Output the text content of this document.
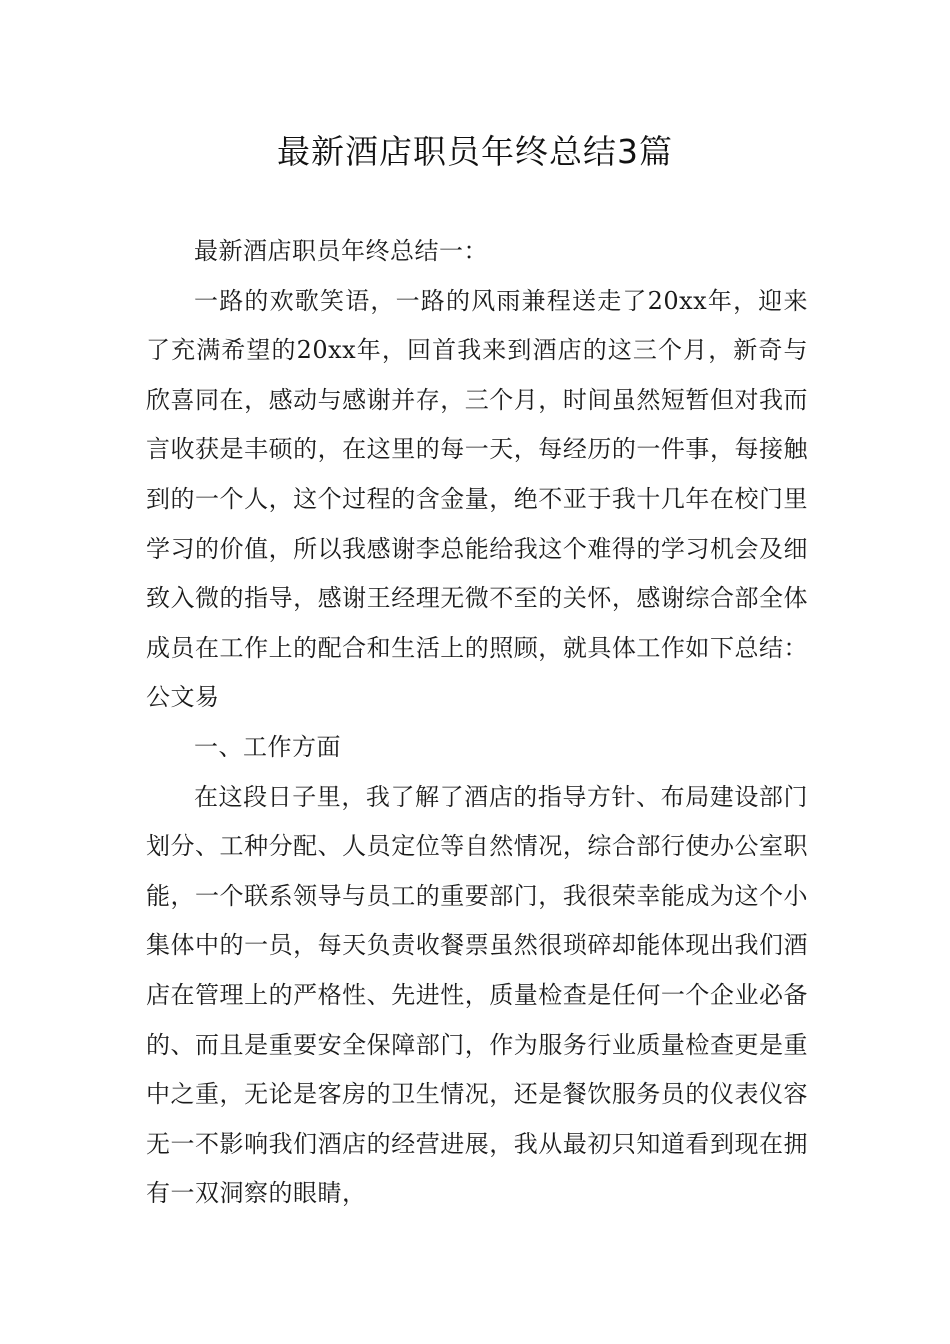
最新酒店职员年终总结3篇

最新酒店职员年终总结一：

一路的欢歌笑语，一路的风雨兼程送走了20xx年，迎来了充满希望的20xx年，回首我来到酒店的这三个月，新奇与欣喜同在，感动与感谢并存，三个月，时间虽然短暂但对我而言收获是丰硕的，在这里的每一天，每经历的一件事，每接触到的一个人，这个过程的含金量，绝不亚于我十几年在校门里学习的价值，所以我感谢李总能给我这个难得的学习机会及细致入微的指导，感谢王经理无微不至的关怀，感谢综合部全体成员在工作上的配合和生活上的照顾，就具体工作如下总结：公文易

一、工作方面

在这段日子里，我了解了酒店的指导方针、布局建设部门划分、工种分配、人员定位等自然情况，综合部行使办公室职能，一个联系领导与员工的重要部门，我很荣幸能成为这个小集体中的一员，每天负责收餐票虽然很琐碎却能体现出我们酒店在管理上的严格性、先进性，质量检查是任何一个企业必备的、而且是重要安全保障部门，作为服务行业质量检查更是重中之重，无论是客房的卫生情况，还是餐饮服务员的仪表仪容无一不影响我们酒店的经营进展，我从最初只知道看到现在拥有一双洞察的眼睛，
